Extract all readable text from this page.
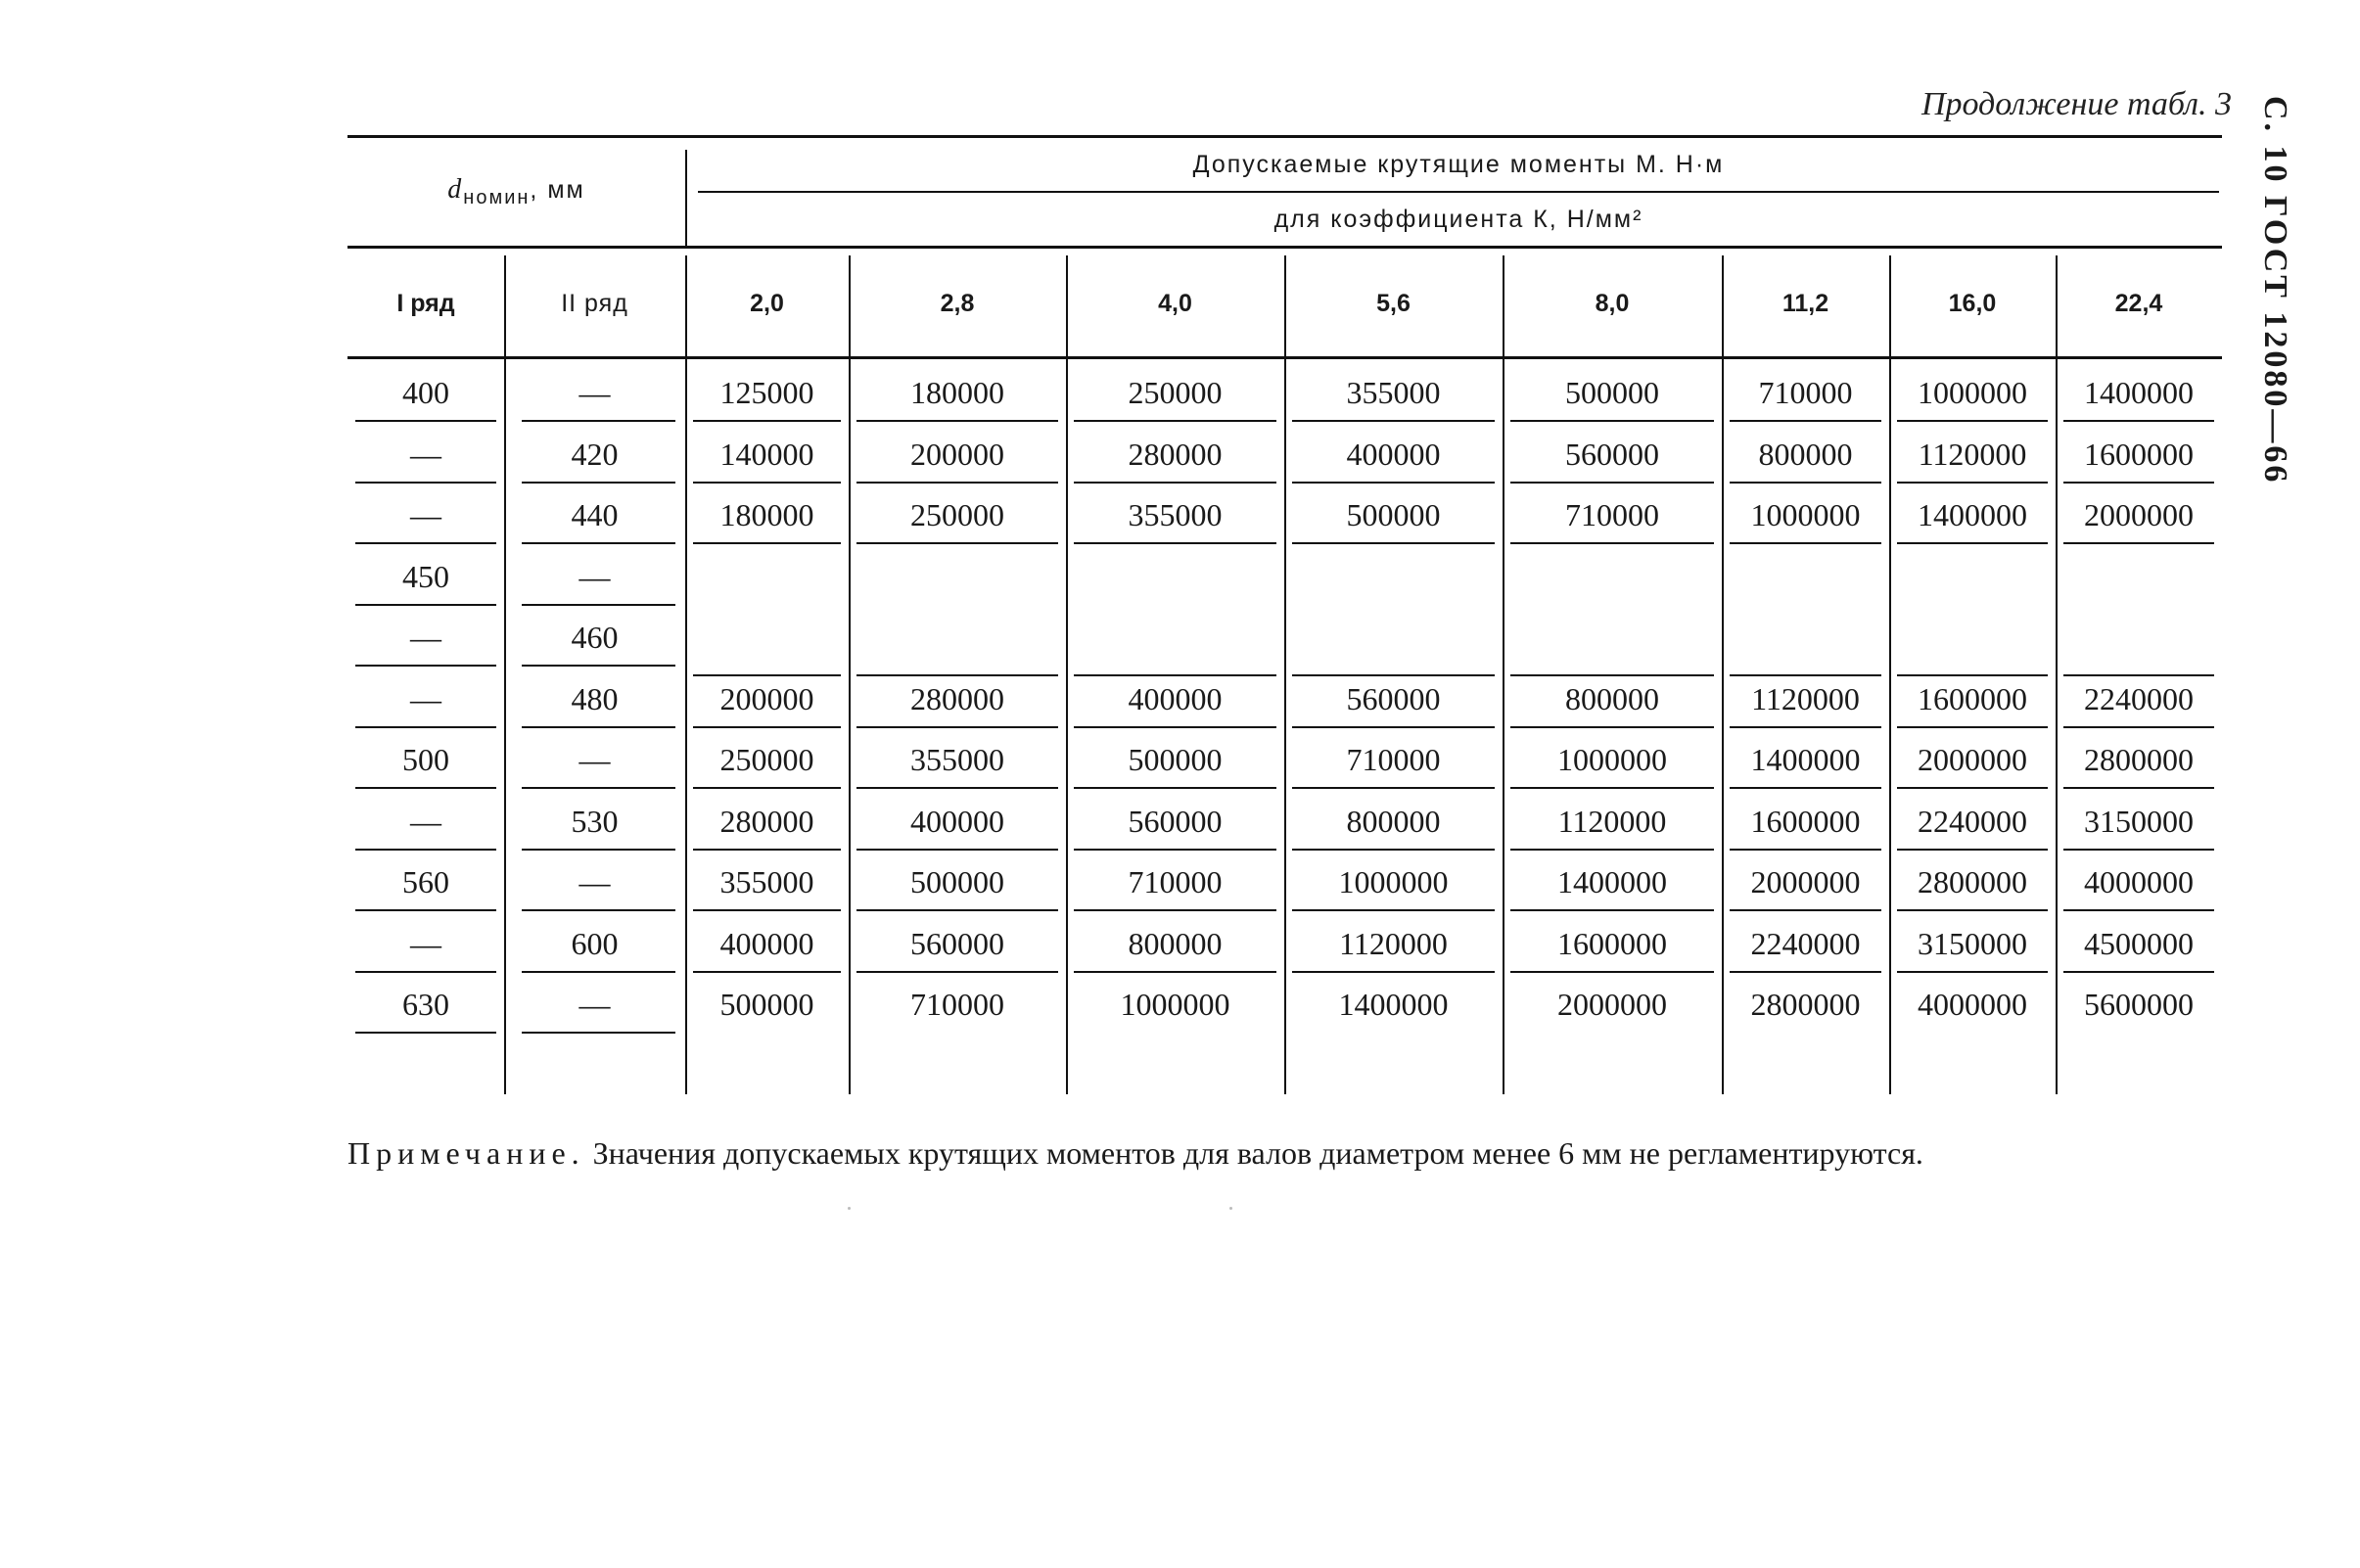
С. 10 ГОСТ 12080—66
Продолжение табл. 3
$d_{номин}$, мм
Допускаемые крутящие моменты М. Н·м
для коэффициента К, Н/мм²
I ряд	II ряд	2,0	2,8	4,0	5,6	8,0	11,2	16,0	22,4
400	—	125000	180000	250000	355000	500000	710000	1000000	1400000
—	420	140000	200000	280000	400000	560000	800000	1120000	1600000
—	440	180000	250000	355000	500000	710000	1000000	1400000	2000000
450	—
—	460
—	480	200000	280000	400000	560000	800000	1120000	1600000	2240000
500	—	250000	355000	500000	710000	1000000	1400000	2000000	2800000
—	530	280000	400000	560000	800000	1120000	1600000	2240000	3150000
560	—	355000	500000	710000	1000000	1400000	2000000	2800000	4000000
—	600	400000	560000	800000	1120000	1600000	2240000	3150000	4500000
630	—	500000	710000	1000000	1400000	2000000	2800000	4000000	5600000
Примечание. Значения допускаемых крутящих моментов для валов диаметром менее 6 мм не регламентируются.
